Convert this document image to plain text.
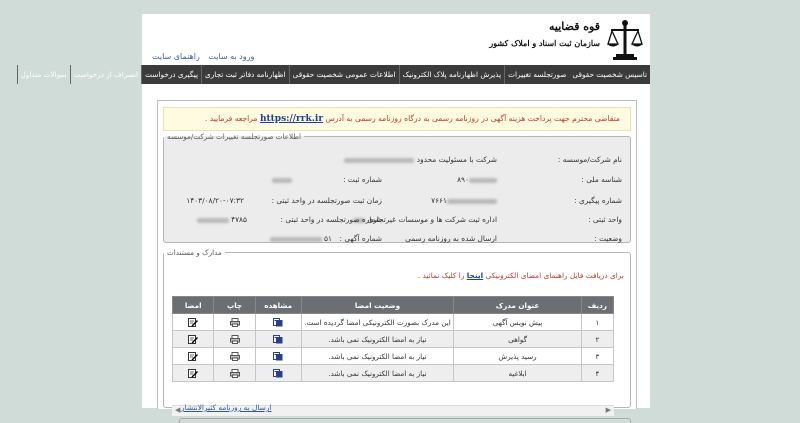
ورود به سایت راهنمای سایت
قوه قضاییه
سازمان ثبت اسناد و املاک کشور
تاسیس شخصیت حقوقی
صورتجلسه تغییرات
پذیرش اظهارنامه پلاک الکترونیک
اطلاعات عمومی شخصیت حقوقی
اظهارنامه دفاتر ثبت تجاری
پیگیری درخواست
انصراف از درخواست
سوالات متداول
متقاضی محترم جهت پرداخت هزینه آگهی در روزنامه رسمی به درگاه روزنامه رسمی به آدرس https://rrk.ir مراجعه فرمایید .
اطلاعات صورتجلسه تغییرات شرکت/موسسه
نام شرکت/موسسه :
شرکت با مسئولیت محدود
شناسه ملی :
۸۹۰
شماره ثبت :
شماره پیگیری :
۷۶۶۱
زمان ثبت صورتجلسه در واحد ثبتی :
۱۴۰۳/۰۸/۲۰-۰۷:۳۲
واحد ثبتی :
اداره ثبت شرکت ها و موسسات غیرتجاری
شماره صورتجلسه در واحد ثبتی :
۴۷۸۵
وضعیت :
ارسال شده به روزنامه رسمی
شماره آگهی :
۵۱
مدارک و مستندات
برای دریافت فایل راهنمای امضای الکترونیکی اینجا را کلیک نمائید .
ردیف	عنوان مدرک	وضعیت امضا	مشاهده	چاپ	امضا
۱	پیش نویس آگهی	این مدرک بصورت الکترونیکی امضا گردیده است.			
۲	گواهی	نیاز به امضا الکترونیک نمی باشد.			
۳	رسید پذیرش	نیاز به امضا الکترونیک نمی باشد.			
۴	ابلاغیه	نیاز به امضا الکترونیک نمی باشد.			
◀	▶
ارسال به روزنامه کثیرالانتشار
